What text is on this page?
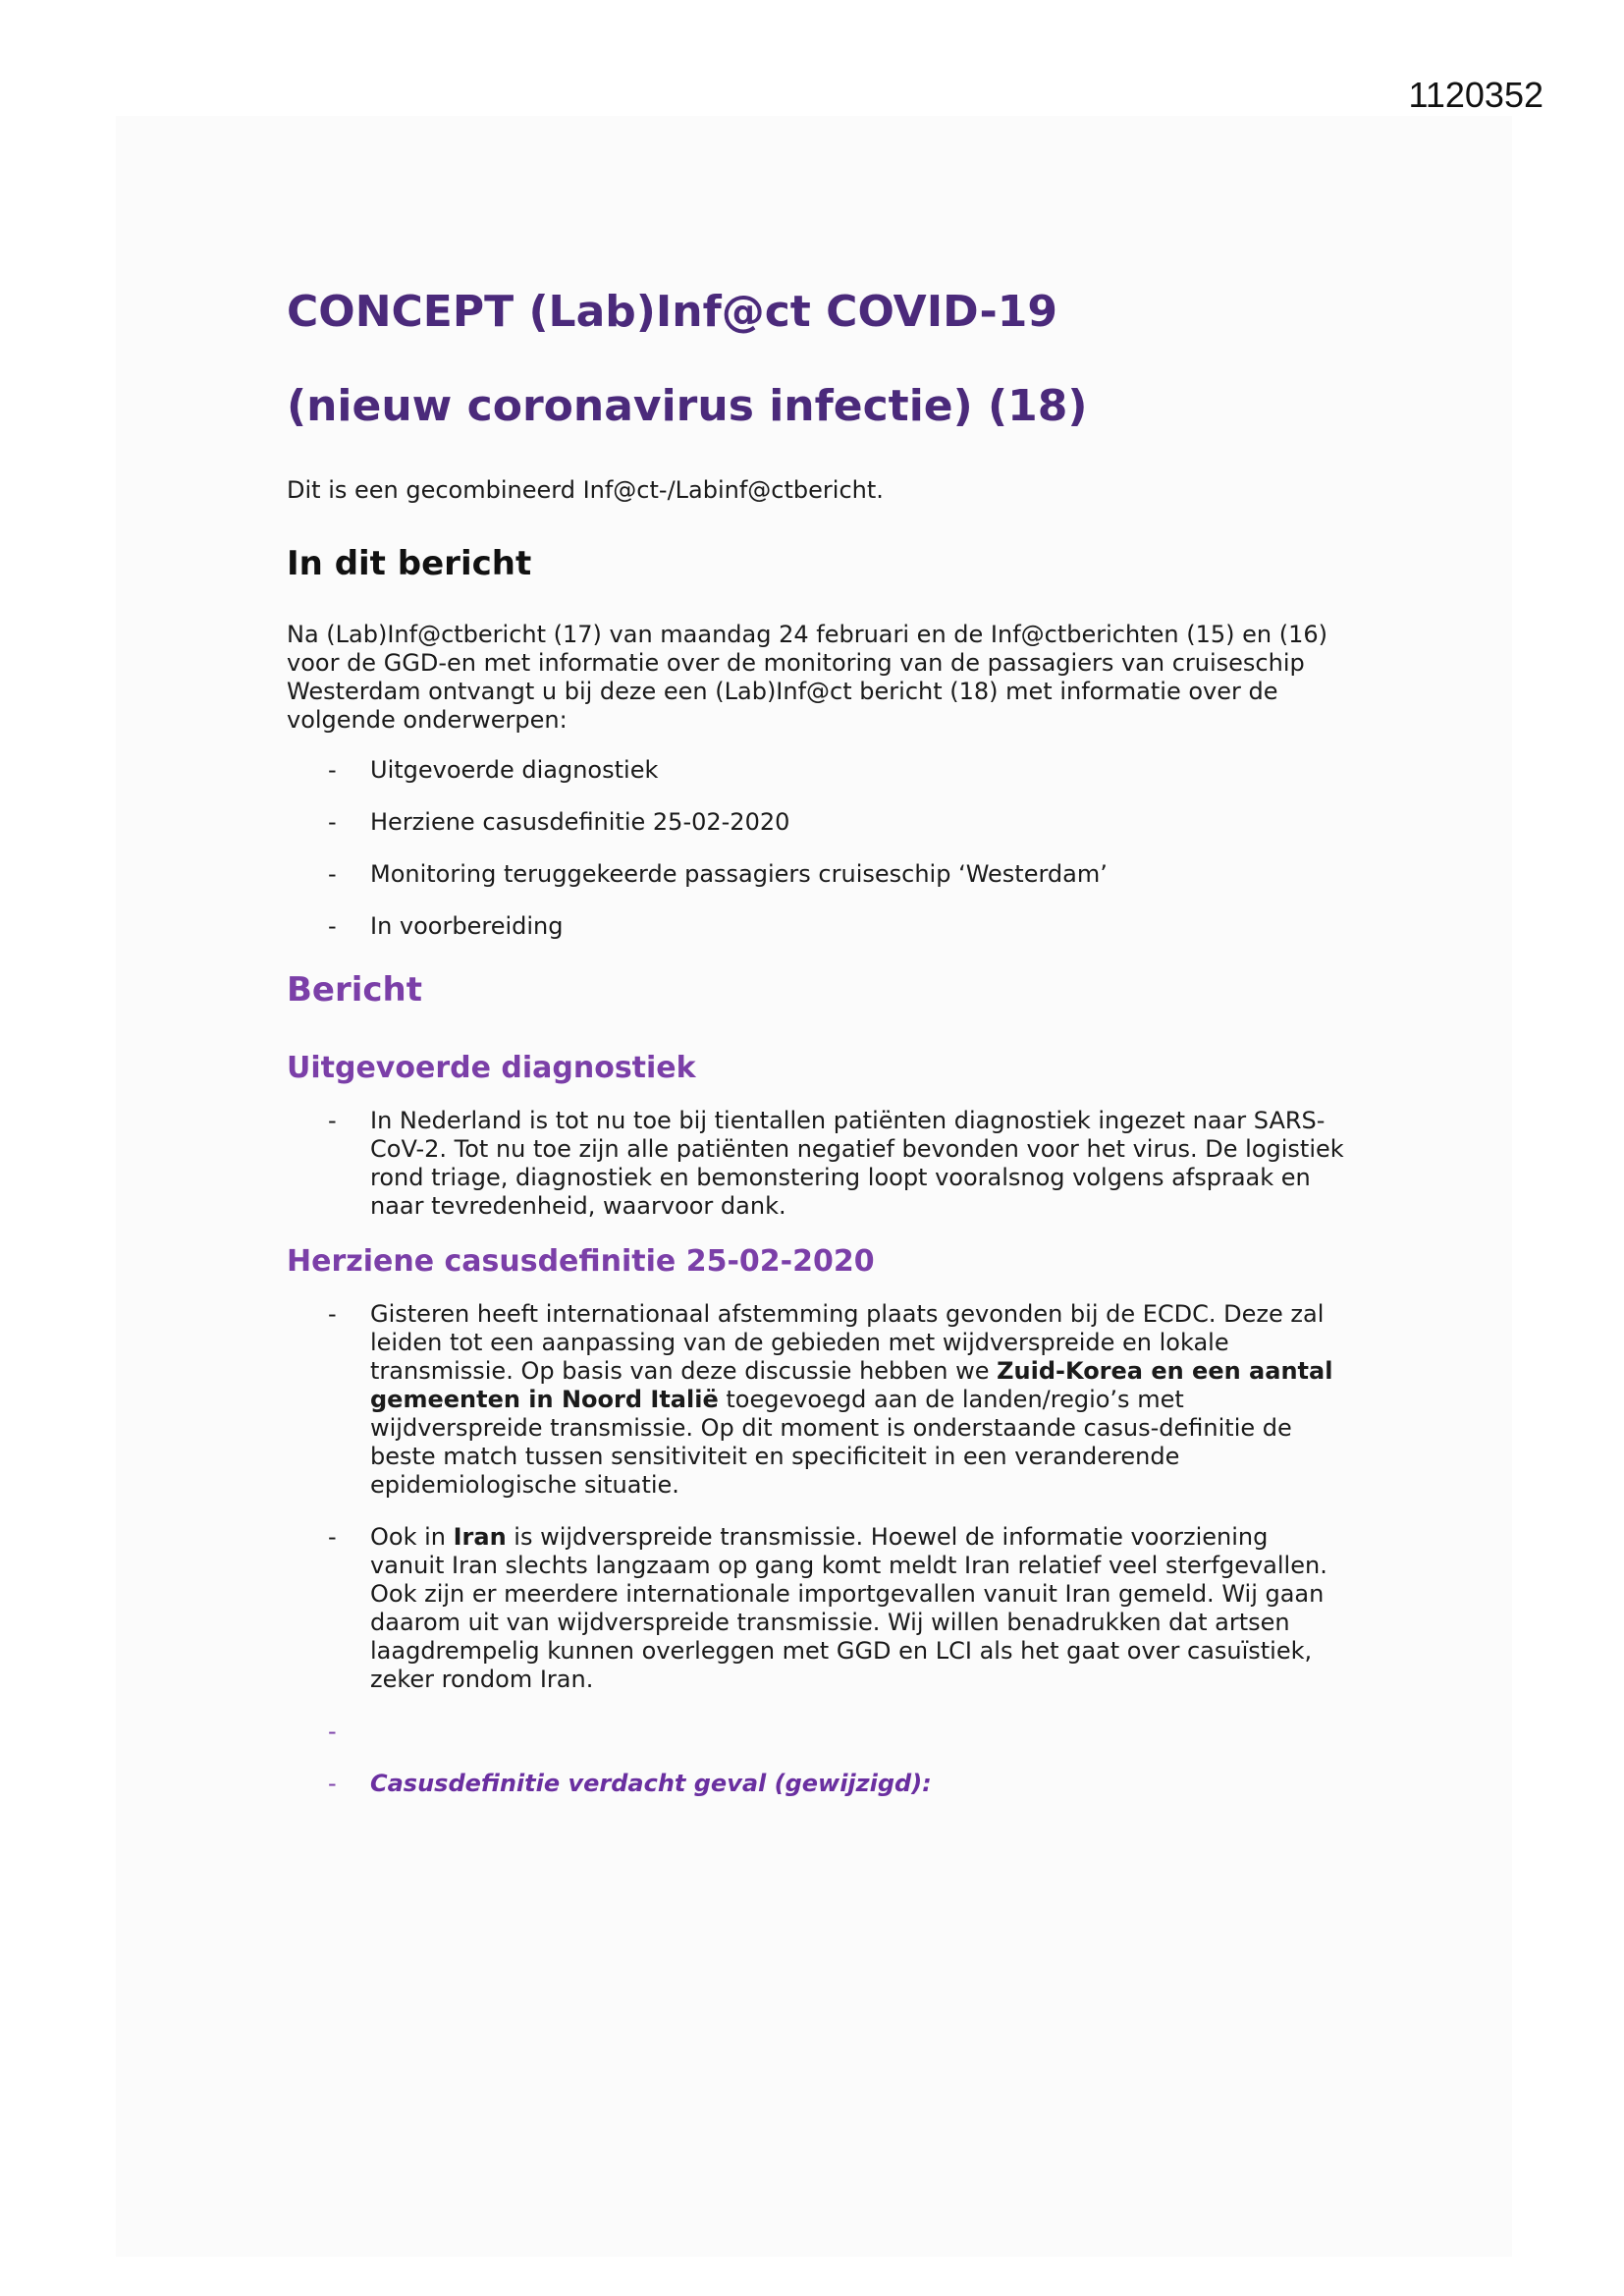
1120352
CONCEPT (Lab)Inf@ct COVID-19
(nieuw coronavirus infectie) (18)
Dit is een gecombineerd Inf@ct-/Labinf@ctbericht.
In dit bericht
Na (Lab)Inf@ctbericht (17) van maandag 24 februari en de Inf@ctberichten (15) en (16) voor de GGD-en met informatie over de monitoring van de passagiers van cruiseschip Westerdam ontvangt u bij deze een (Lab)Inf@ct bericht (18) met informatie over de volgende onderwerpen:
- Uitgevoerde diagnostiek
- Herziene casusdefinitie 25-02-2020
- Monitoring teruggekeerde passagiers cruiseschip ‘Westerdam’
- In voorbereiding
Bericht
Uitgevoerde diagnostiek
- In Nederland is tot nu toe bij tientallen patiënten diagnostiek ingezet naar SARS-CoV-2. Tot nu toe zijn alle patiënten negatief bevonden voor het virus. De logistiek rond triage, diagnostiek en bemonstering loopt vooralsnog volgens afspraak en naar tevredenheid, waarvoor dank.
Herziene casusdefinitie 25-02-2020
- Gisteren heeft internationaal afstemming plaats gevonden bij de ECDC. Deze zal leiden tot een aanpassing van de gebieden met wijdverspreide en lokale transmissie. Op basis van deze discussie hebben we Zuid-Korea en een aantal gemeenten in Noord Italië toegevoegd aan de landen/regio’s met wijdverspreide transmissie. Op dit moment is onderstaande casus-definitie de beste match tussen sensitiviteit en specificiteit in een veranderende epidemiologische situatie.
- Ook in Iran is wijdverspreide transmissie. Hoewel de informatie voorziening vanuit Iran slechts langzaam op gang komt meldt Iran relatief veel sterfgevallen. Ook zijn er meerdere internationale importgevallen vanuit Iran gemeld. Wij gaan daarom uit van wijdverspreide transmissie. Wij willen benadrukken dat artsen laagdrempelig kunnen overleggen met GGD en LCI als het gaat over casuïstiek, zeker rondom Iran.
-

- Casusdefinitie verdacht geval (gewijzigd):
